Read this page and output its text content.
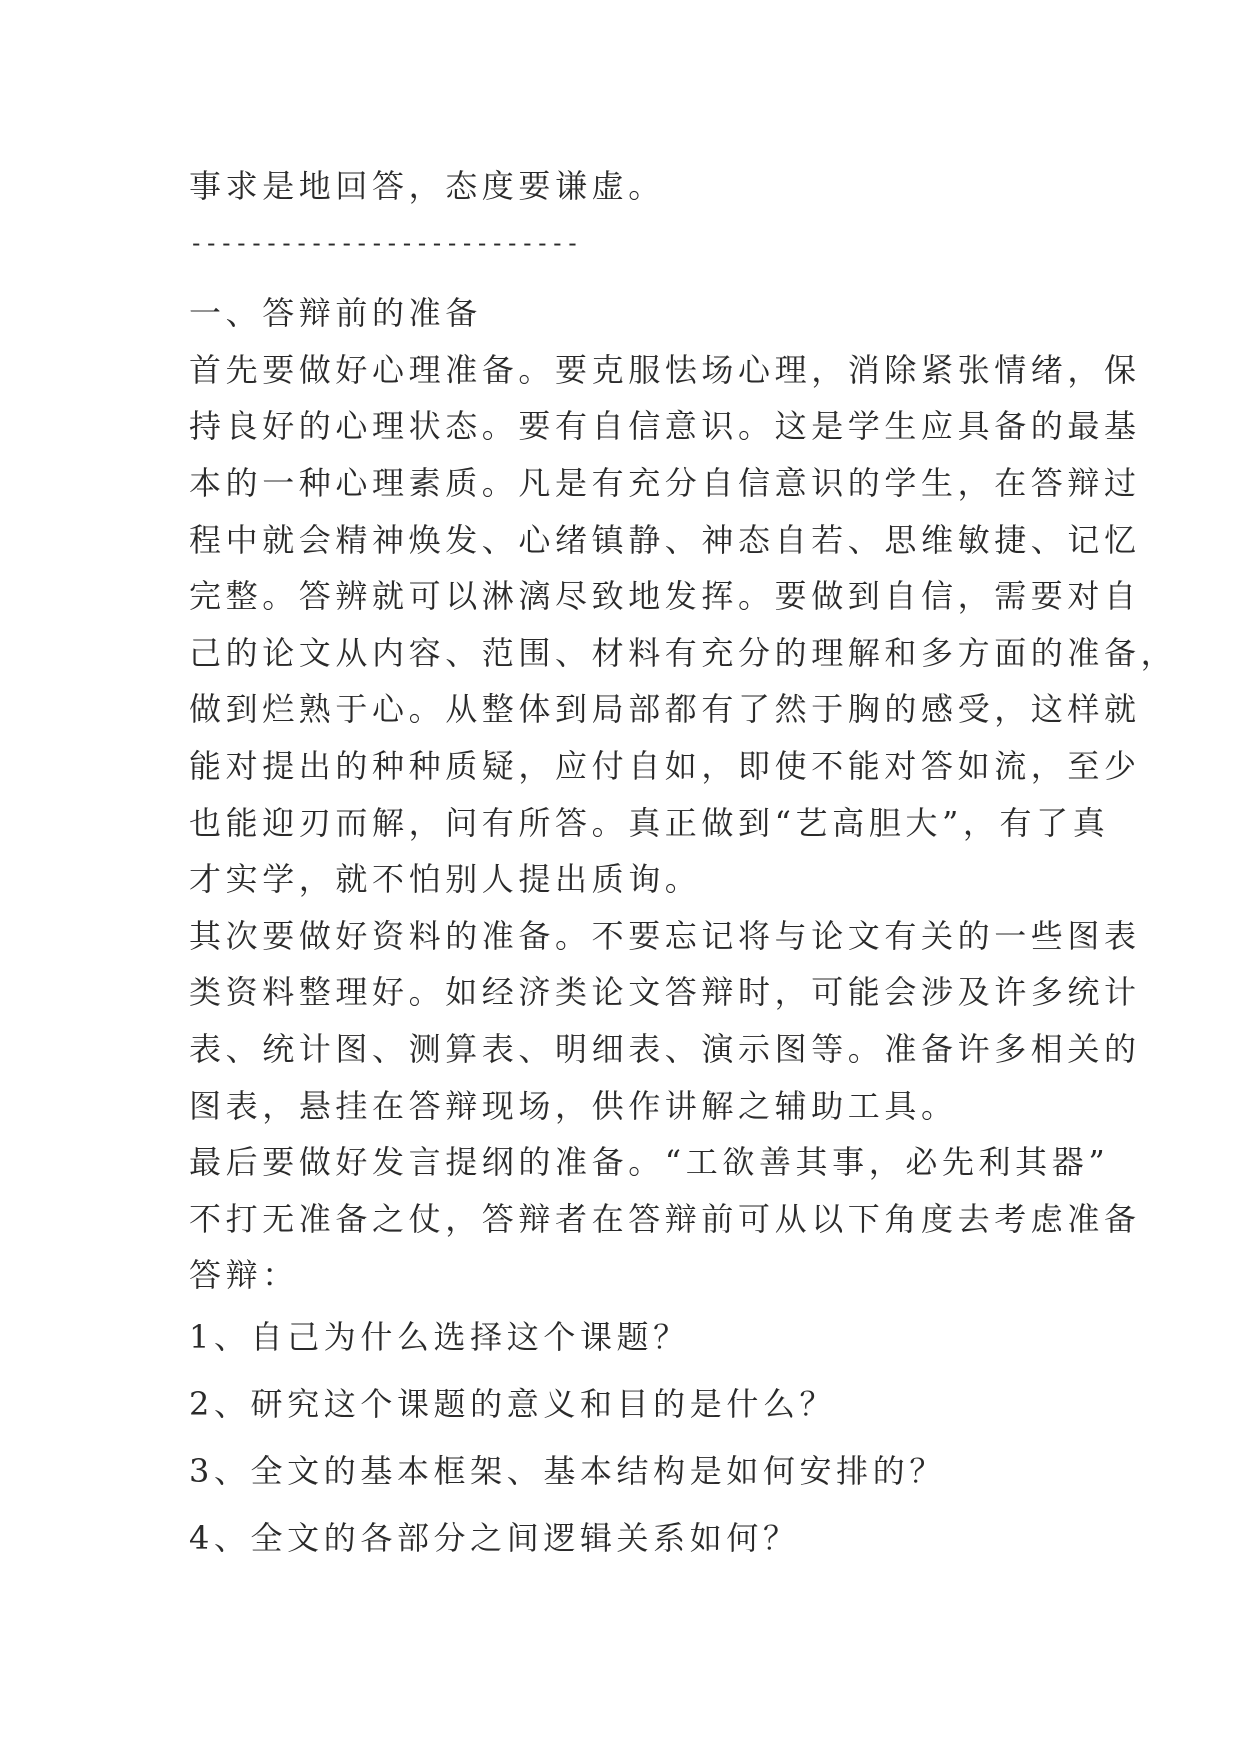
事求是地回答，态度要谦虚。
--------------------------
一、答辩前的准备
首先要做好心理准备。要克服怯场心理，消除紧张情绪，保
持良好的心理状态。要有自信意识。这是学生应具备的最基
本的一种心理素质。凡是有充分自信意识的学生，在答辩过
程中就会精神焕发、心绪镇静、神态自若、思维敏捷、记忆
完整。答辨就可以淋漓尽致地发挥。要做到自信，需要对自
己的论文从内容、范围、材料有充分的理解和多方面的准备，
做到烂熟于心。从整体到局部都有了然于胸的感受，这样就
能对提出的种种质疑，应付自如，即使不能对答如流，至少
也能迎刃而解，问有所答。真正做到“艺高胆大”，有了真
才实学，就不怕别人提出质询。
其次要做好资料的准备。不要忘记将与论文有关的一些图表
类资料整理好。如经济类论文答辩时，可能会涉及许多统计
表、统计图、测算表、明细表、演示图等。准备许多相关的
图表，悬挂在答辩现场，供作讲解之辅助工具。
最后要做好发言提纲的准备。“工欲善其事，必先利其器”
不打无准备之仗，答辩者在答辩前可从以下角度去考虑准备
答辩：
1、自己为什么选择这个课题？
2、研究这个课题的意义和目的是什么？
3、全文的基本框架、基本结构是如何安排的？
4、全文的各部分之间逻辑关系如何？
